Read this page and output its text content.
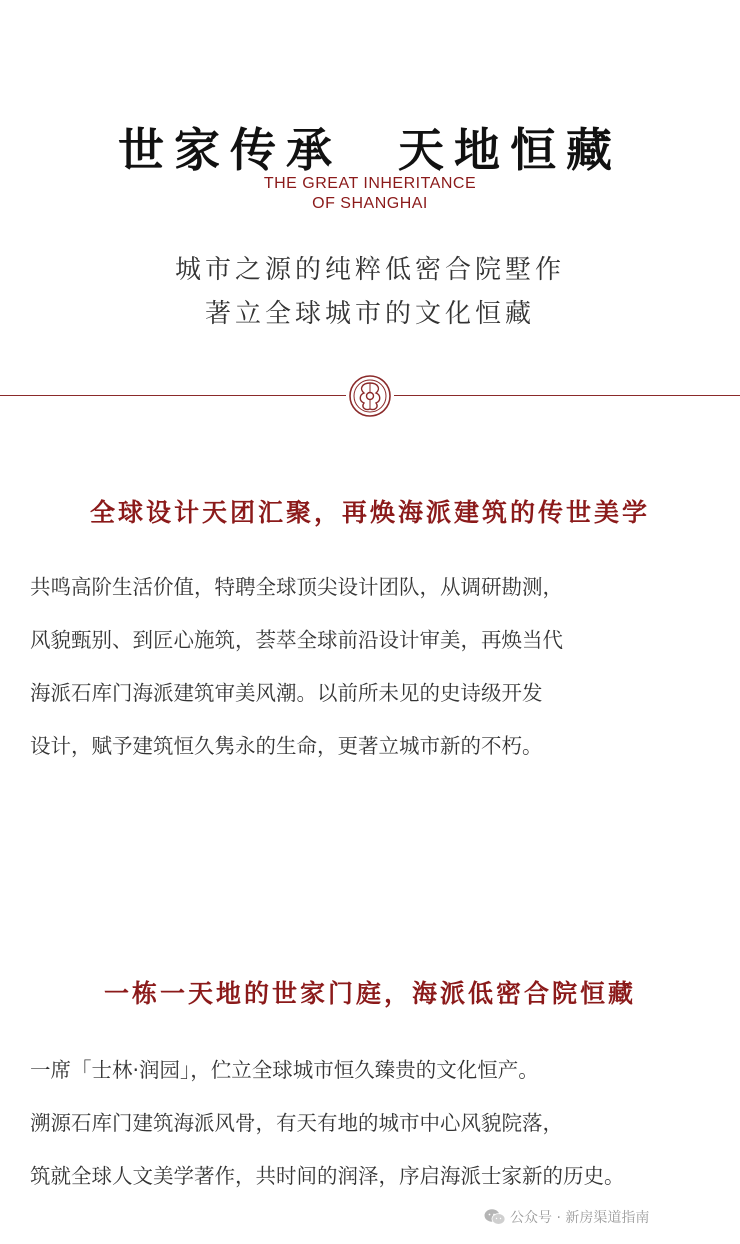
世家传承　天地恒藏
THE GREAT INHERITANCE
OF SHANGHAI
城市之源的纯粹低密合院墅作
著立全球城市的文化恒藏
全球设计天团汇聚，再焕海派建筑的传世美学
共鸣高阶生活价值，特聘全球顶尖设计团队，从调研勘测，
风貌甄别、到匠心施筑，荟萃全球前沿设计审美，再焕当代
海派石库门海派建筑审美风潮。以前所未见的史诗级开发
设计，赋予建筑恒久隽永的生命，更著立城市新的不朽。
一栋一天地的世家门庭，海派低密合院恒藏
一席「士林·润园」，伫立全球城市恒久臻贵的文化恒产。
溯源石库门建筑海派风骨，有天有地的城市中心风貌院落，
筑就全球人文美学著作，共时间的润泽，序启海派士家新的历史。
公众号 · 新房渠道指南
